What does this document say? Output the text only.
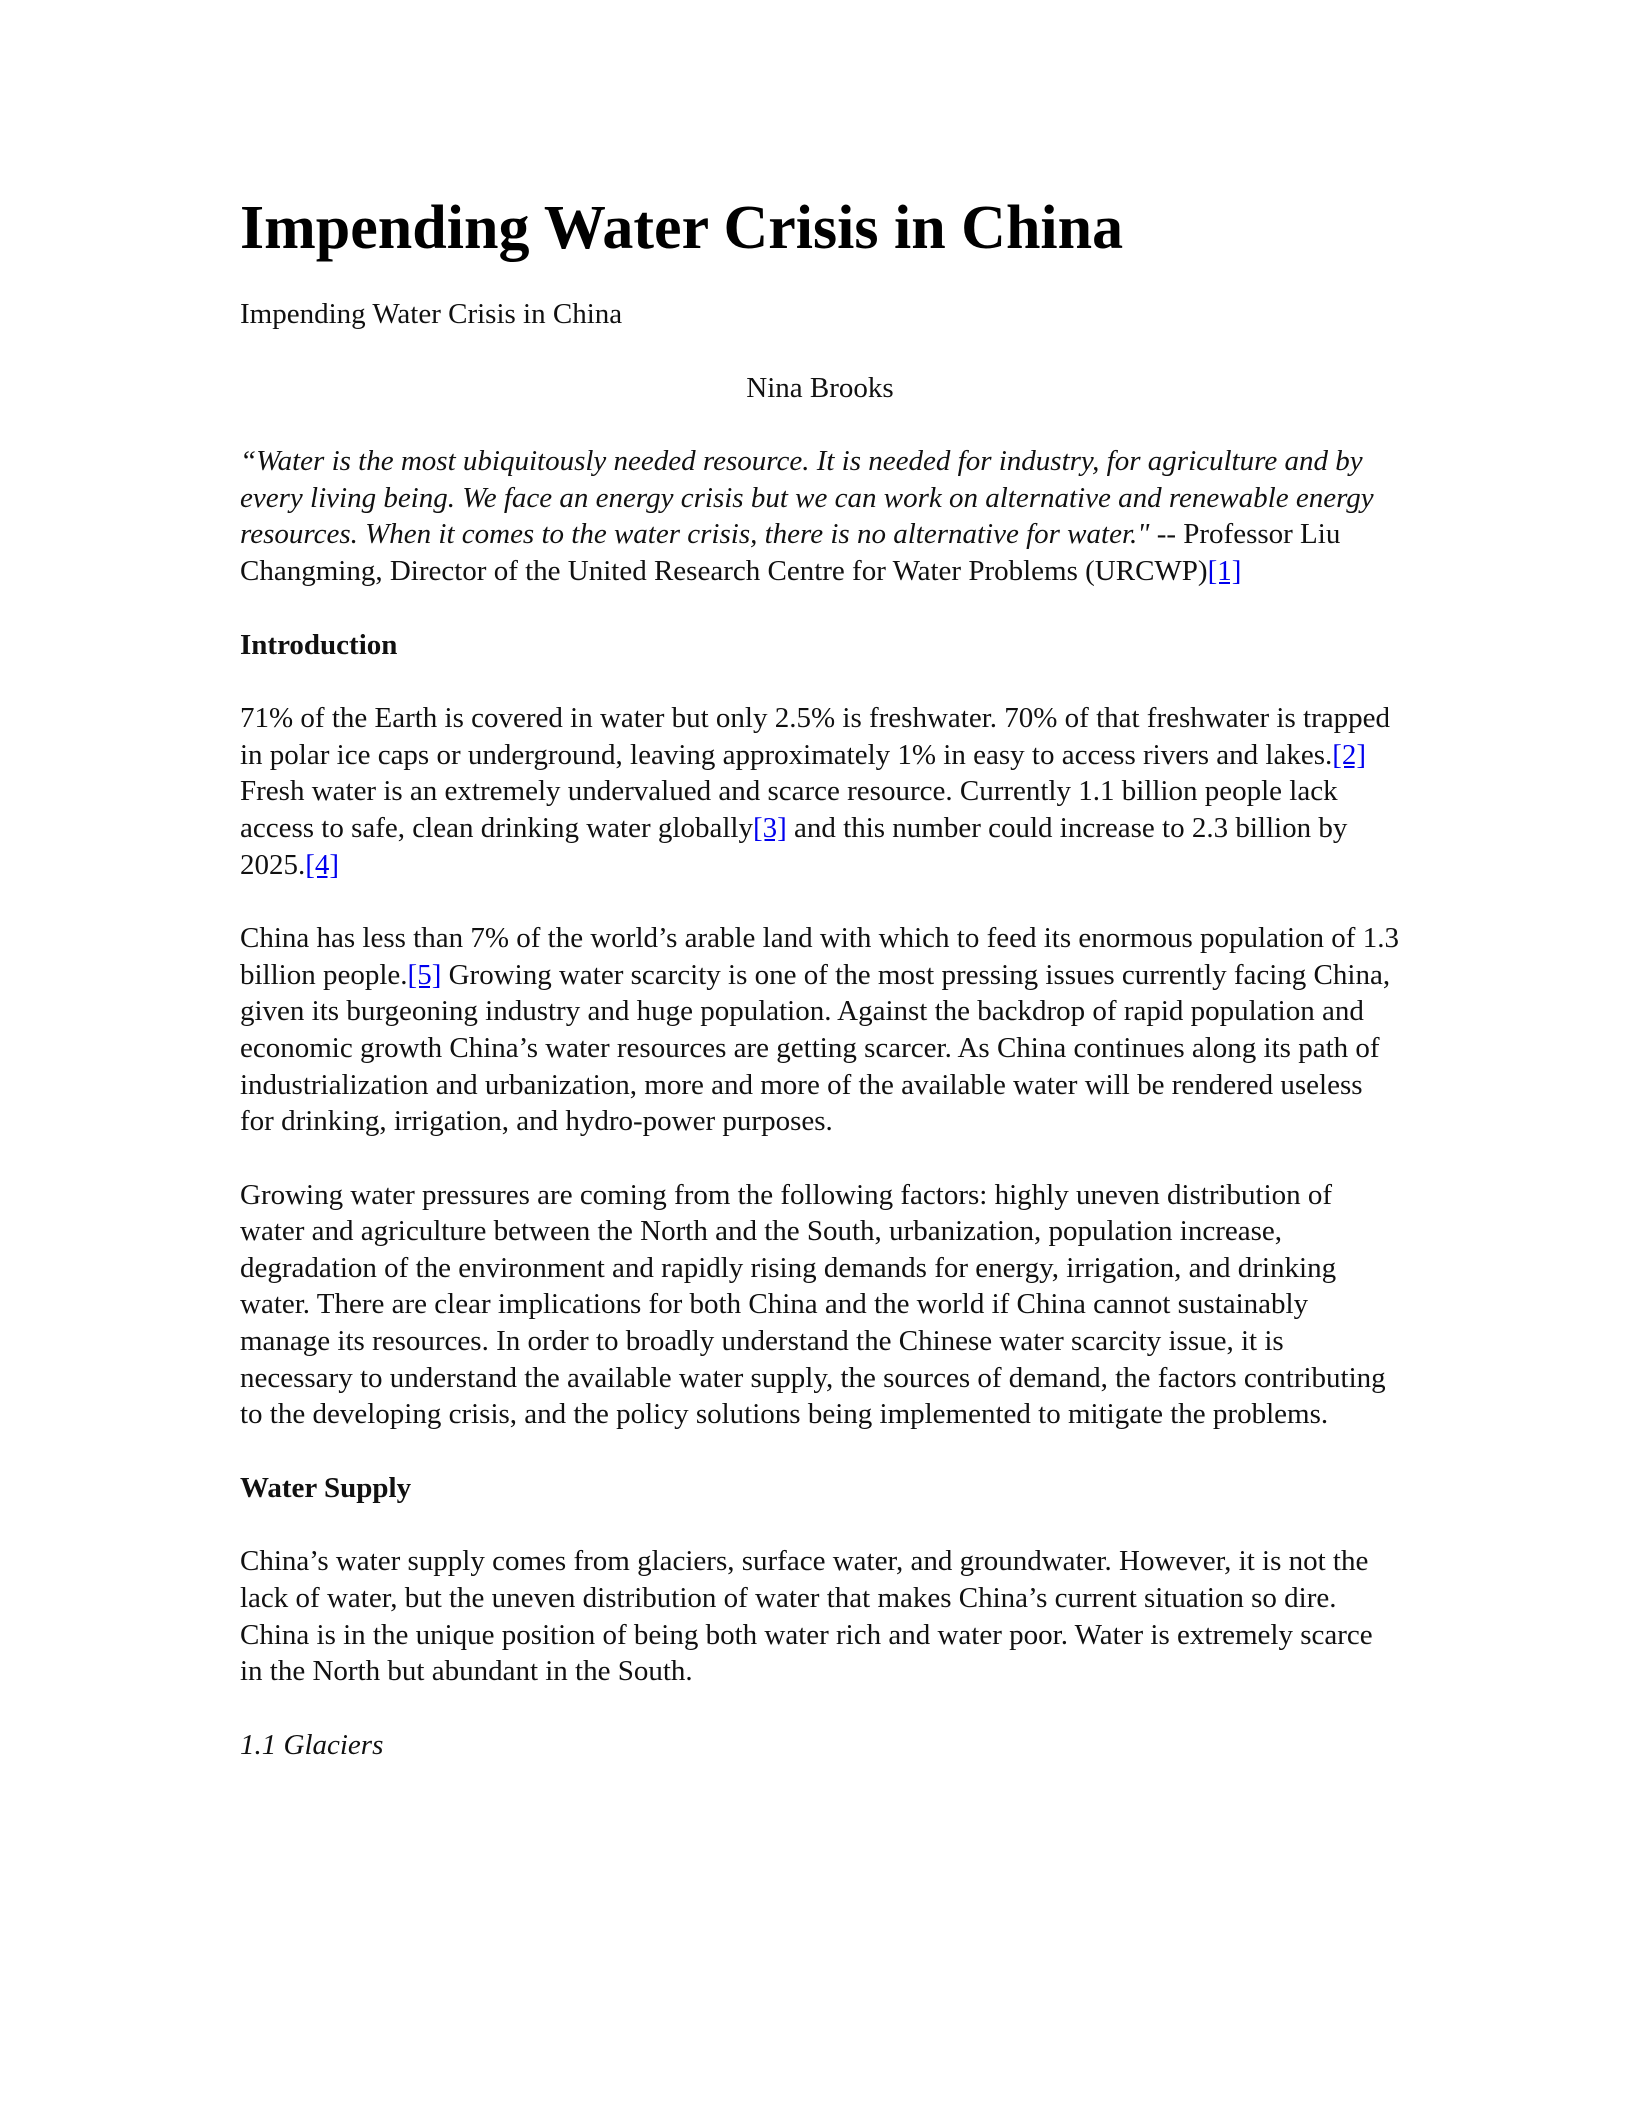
Impending Water Crisis in China

Impending Water Crisis in China

Nina Brooks

“Water is the most ubiquitously needed resource. It is needed for industry, for agriculture and by every living being. We face an energy crisis but we can work on alternative and renewable energy resources. When it comes to the water crisis, there is no alternative for water." -- Professor Liu Changming, Director of the United Research Centre for Water Problems (URCWP)[1]

Introduction

71% of the Earth is covered in water but only 2.5% is freshwater. 70% of that freshwater is trapped in polar ice caps or underground, leaving approximately 1% in easy to access rivers and lakes.[2] Fresh water is an extremely undervalued and scarce resource. Currently 1.1 billion people lack access to safe, clean drinking water globally[3] and this number could increase to 2.3 billion by 2025.[4]

China has less than 7% of the world’s arable land with which to feed its enormous population of 1.3 billion people.[5] Growing water scarcity is one of the most pressing issues currently facing China, given its burgeoning industry and huge population. Against the backdrop of rapid population and economic growth China’s water resources are getting scarcer. As China continues along its path of industrialization and urbanization, more and more of the available water will be rendered useless for drinking, irrigation, and hydro-power purposes.

Growing water pressures are coming from the following factors: highly uneven distribution of water and agriculture between the North and the South, urbanization, population increase, degradation of the environment and rapidly rising demands for energy, irrigation, and drinking water. There are clear implications for both China and the world if China cannot sustainably manage its resources. In order to broadly understand the Chinese water scarcity issue, it is necessary to understand the available water supply, the sources of demand, the factors contributing to the developing crisis, and the policy solutions being implemented to mitigate the problems.

Water Supply

China’s water supply comes from glaciers, surface water, and groundwater. However, it is not the lack of water, but the uneven distribution of water that makes China’s current situation so dire. China is in the unique position of being both water rich and water poor. Water is extremely scarce in the North but abundant in the South.

1.1 Glaciers
